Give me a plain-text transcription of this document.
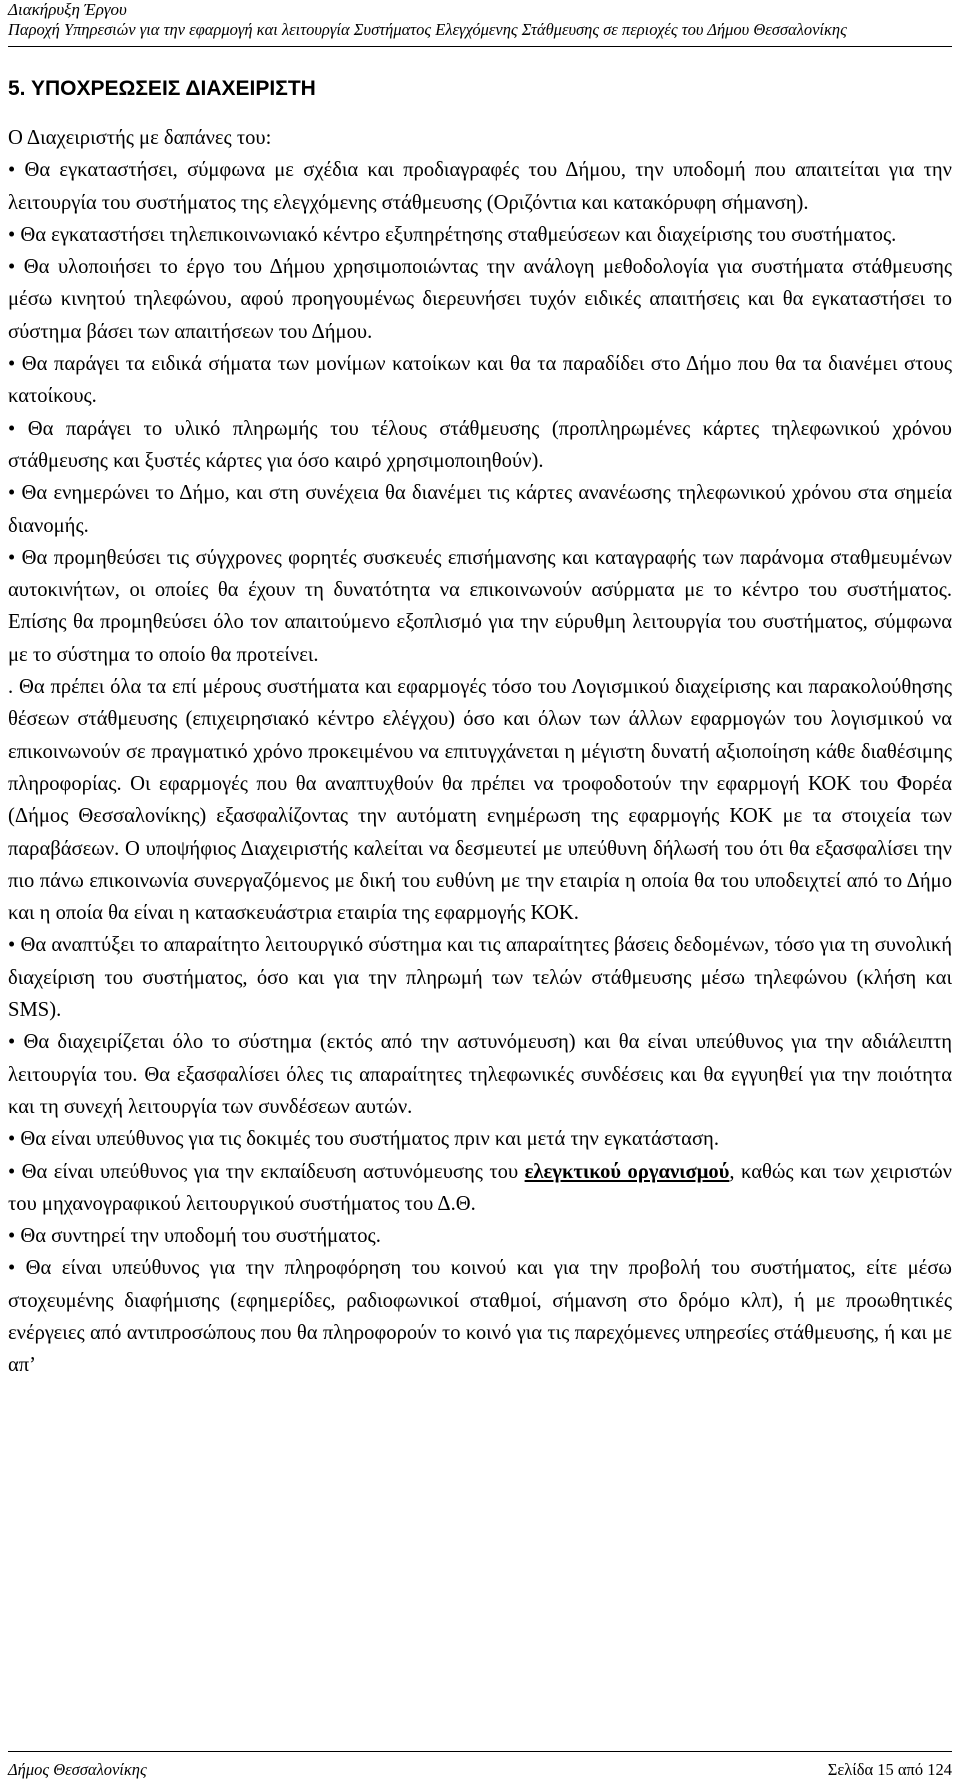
Διακήρυξη Έργου
Παροχή Υπηρεσιών για την εφαρμογή και λειτουργία Συστήματος Ελεγχόμενης Στάθμευσης σε περιοχές του Δήμου Θεσσαλονίκης
5. ΥΠΟΧΡΕΩΣΕΙΣ ΔΙΑΧΕΙΡΙΣΤΗ

Ο Διαχειριστής με δαπάνες του:

• Θα εγκαταστήσει, σύμφωνα με σχέδια και προδιαγραφές του Δήμου, την υποδομή που απαιτείται για την λειτουργία του συστήματος της ελεγχόμενης στάθμευσης (Οριζόντια και κατακόρυφη σήμανση).

• Θα εγκαταστήσει τηλεπικοινωνιακό κέντρο εξυπηρέτησης σταθμεύσεων και διαχείρισης του συστήματος.

• Θα υλοποιήσει το έργο του Δήμου χρησιμοποιώντας την ανάλογη μεθοδολογία για συστήματα στάθμευσης μέσω κινητού τηλεφώνου, αφού προηγουμένως διερευνήσει τυχόν ειδικές απαιτήσεις και θα εγκαταστήσει το σύστημα βάσει των απαιτήσεων του Δήμου.

• Θα παράγει τα ειδικά σήματα των μονίμων κατοίκων και θα τα παραδίδει στο Δήμο που θα τα διανέμει στους κατοίκους.

• Θα παράγει το υλικό πληρωμής του τέλους στάθμευσης (προπληρωμένες κάρτες τηλεφωνικού χρόνου στάθμευσης και ξυστές κάρτες για όσο καιρό χρησιμοποιηθούν).

• Θα ενημερώνει το Δήμο, και στη συνέχεια θα διανέμει τις κάρτες ανανέωσης τηλεφωνικού χρόνου στα σημεία διανομής.

• Θα προμηθεύσει τις σύγχρονες φορητές συσκευές επισήμανσης και καταγραφής των παράνομα σταθμευμένων αυτοκινήτων, οι οποίες θα έχουν τη δυνατότητα να επικοινωνούν ασύρματα με το κέντρο του συστήματος. Επίσης θα προμηθεύσει όλο τον απαιτούμενο εξοπλισμό για την εύρυθμη λειτουργία του συστήματος, σύμφωνα με το σύστημα το οποίο θα προτείνει.

. Θα πρέπει όλα τα επί μέρους συστήματα και εφαρμογές τόσο του Λογισμικού διαχείρισης και παρακολούθησης θέσεων στάθμευσης (επιχειρησιακό κέντρο ελέγχου) όσο και όλων των άλλων εφαρμογών του λογισμικού να επικοινωνούν σε πραγματικό χρόνο προκειμένου να επιτυγχάνεται η μέγιστη δυνατή αξιοποίηση κάθε διαθέσιμης πληροφορίας. Οι εφαρμογές που θα αναπτυχθούν θα πρέπει να τροφοδοτούν την εφαρμογή ΚΟΚ του Φορέα (Δήμος Θεσσαλονίκης) εξασφαλίζοντας την αυτόματη ενημέρωση της εφαρμογής ΚΟΚ με τα στοιχεία των παραβάσεων. Ο υποψήφιος Διαχειριστής καλείται να δεσμευτεί με υπεύθυνη δήλωσή του ότι θα εξασφαλίσει την πιο πάνω επικοινωνία συνεργαζόμενος με δική του ευθύνη με την εταιρία η οποία θα του υποδειχτεί από το Δήμο και η οποία θα είναι η κατασκευάστρια εταιρία της εφαρμογής ΚΟΚ.

• Θα αναπτύξει το απαραίτητο λειτουργικό σύστημα και τις απαραίτητες βάσεις δεδομένων, τόσο για τη συνολική διαχείριση του συστήματος, όσο και για την πληρωμή των τελών στάθμευσης μέσω τηλεφώνου (κλήση και SMS).

• Θα διαχειρίζεται όλο το σύστημα (εκτός από την αστυνόμευση) και θα είναι υπεύθυνος για την αδιάλειπτη λειτουργία του. Θα εξασφαλίσει όλες τις απαραίτητες τηλεφωνικές συνδέσεις και θα εγγυηθεί για την ποιότητα και τη συνεχή λειτουργία των συνδέσεων αυτών.

• Θα είναι υπεύθυνος για τις δοκιμές του συστήματος πριν και μετά την εγκατάσταση.

• Θα είναι υπεύθυνος για την εκπαίδευση αστυνόμευσης του ελεγκτικού οργανισμού, καθώς και των χειριστών του μηχανογραφικού λειτουργικού συστήματος του Δ.Θ.

• Θα συντηρεί την υποδομή του συστήματος.

• Θα είναι υπεύθυνος για την πληροφόρηση του κοινού και για την προβολή του συστήματος, είτε μέσω στοχευμένης διαφήμισης (εφημερίδες, ραδιοφωνικοί σταθμοί, σήμανση στο δρόμο κλπ), ή με προωθητικές ενέργειες από αντιπροσώπους που θα πληροφορούν το κοινό για τις παρεχόμενες υπηρεσίες στάθμευσης, ή και με απ’

Δήμος Θεσσαλονίκης	Σελίδα 15 από 124
